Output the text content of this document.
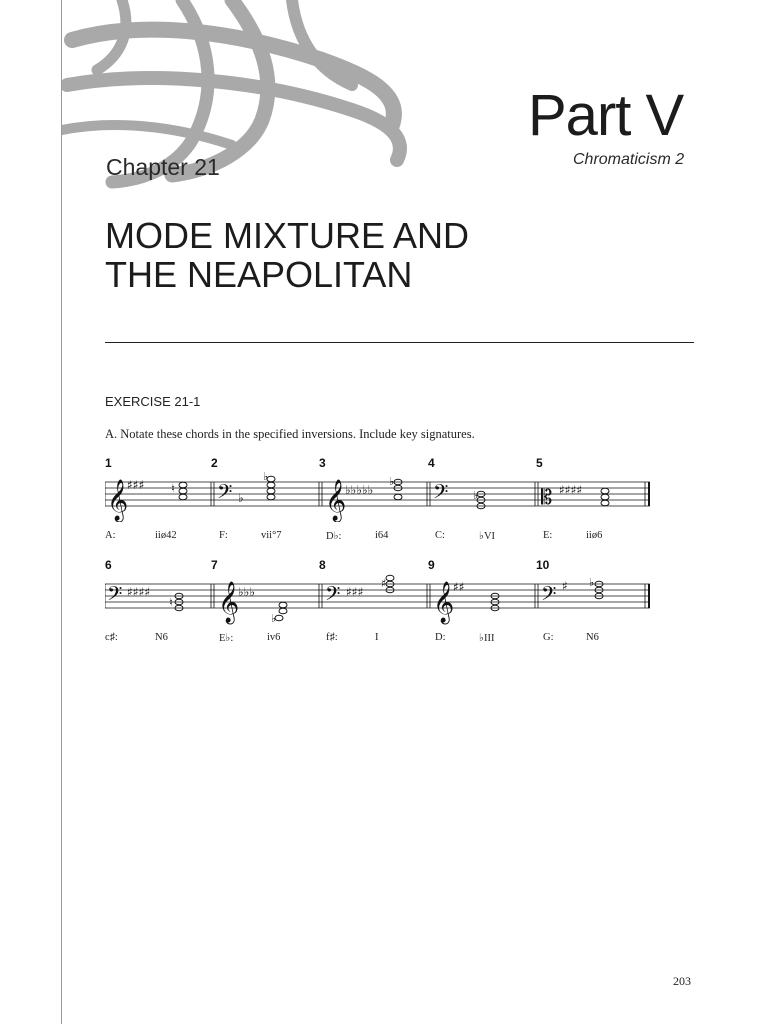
Part V
Chromaticism 2
Chapter 21
MODE MIXTURE AND
THE NEAPOLITAN
EXERCISE 21-1
A. Notate these chords in the specified inversions. Include key signatures.
1	2	3	4	5
𝄞
♯♯♯ ♮ 𝄢 ♭
♭
𝄞
♭♭♭♭♭
♭ 𝄢 ♭	𝄡 ♯♯♯♯
A:	iiø42	F:	vii°7	D♭:	i64	C:	♭VI	E:	iiø6
6	7	8	9	10
𝄢 ♯♯♯♯
♮ 𝄞
♭♭♭
♭
𝄢 ♯♯♯
♯ 𝄞
♯♯	𝄢 ♯ ♭
c♯:	N6	E♭:	iv6	f♯:	I	D:	♭III	G:	N6
203
